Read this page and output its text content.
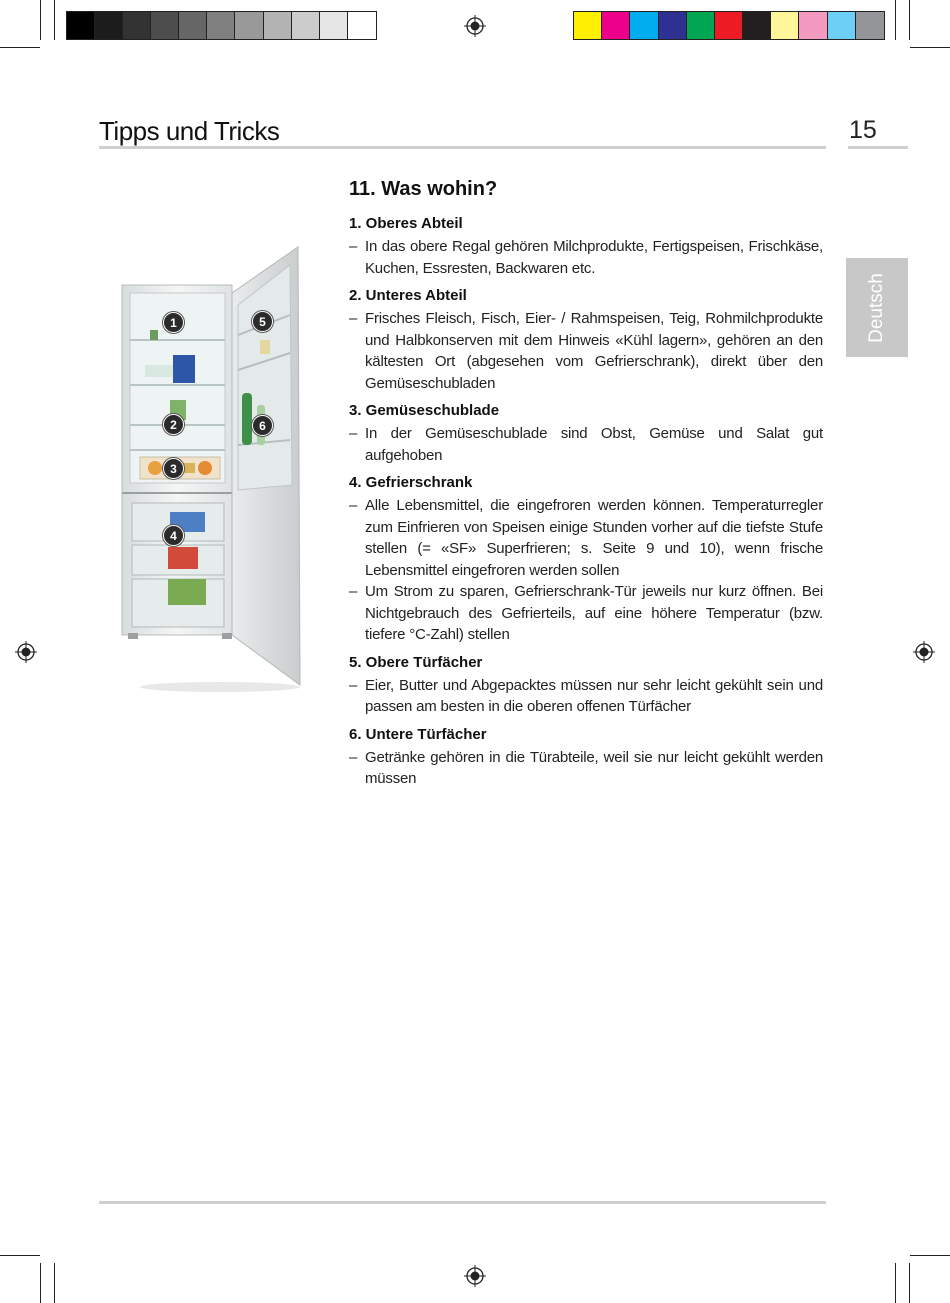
Tipps und Tricks	15
Deutsch
1
2
3
4
5
6
11. Was wohin?
1. Oberes Abteil
– In das obere Regal gehören Milchprodukte, Fertigspeisen, Frischkäse, Kuchen, Essresten, Backwaren etc.
2. Unteres Abteil
– Frisches Fleisch, Fisch, Eier- / Rahmspeisen, Teig, Rohmilchprodukte und Halbkonserven mit dem Hinweis «Kühl lagern», gehören an den kältesten Ort (abgesehen vom Gefrierschrank), direkt über den Gemüseschubladen
3. Gemüseschublade
– In der Gemüseschublade sind Obst, Gemüse und Salat gut aufgehoben
4. Gefrierschrank
– Alle Lebensmittel, die eingefroren werden können. Temperaturregler zum Einfrieren von Speisen einige Stunden vorher auf die tiefste Stufe stellen (= «SF» Superfrieren; s. Seite 9 und 10), wenn frische Lebensmittel eingefroren werden sollen
– Um Strom zu sparen, Gefrierschrank-Tür jeweils nur kurz öffnen. Bei Nichtgebrauch des Gefrierteils, auf eine höhere Temperatur (bzw. tiefere °C-Zahl) stellen
5. Obere Türfächer
– Eier, Butter und Abgepacktes müssen nur sehr leicht gekühlt sein und passen am besten in die oberen offenen Türfächer
6. Untere Türfächer
– Getränke gehören in die Türabteile, weil sie nur leicht gekühlt werden müssen
